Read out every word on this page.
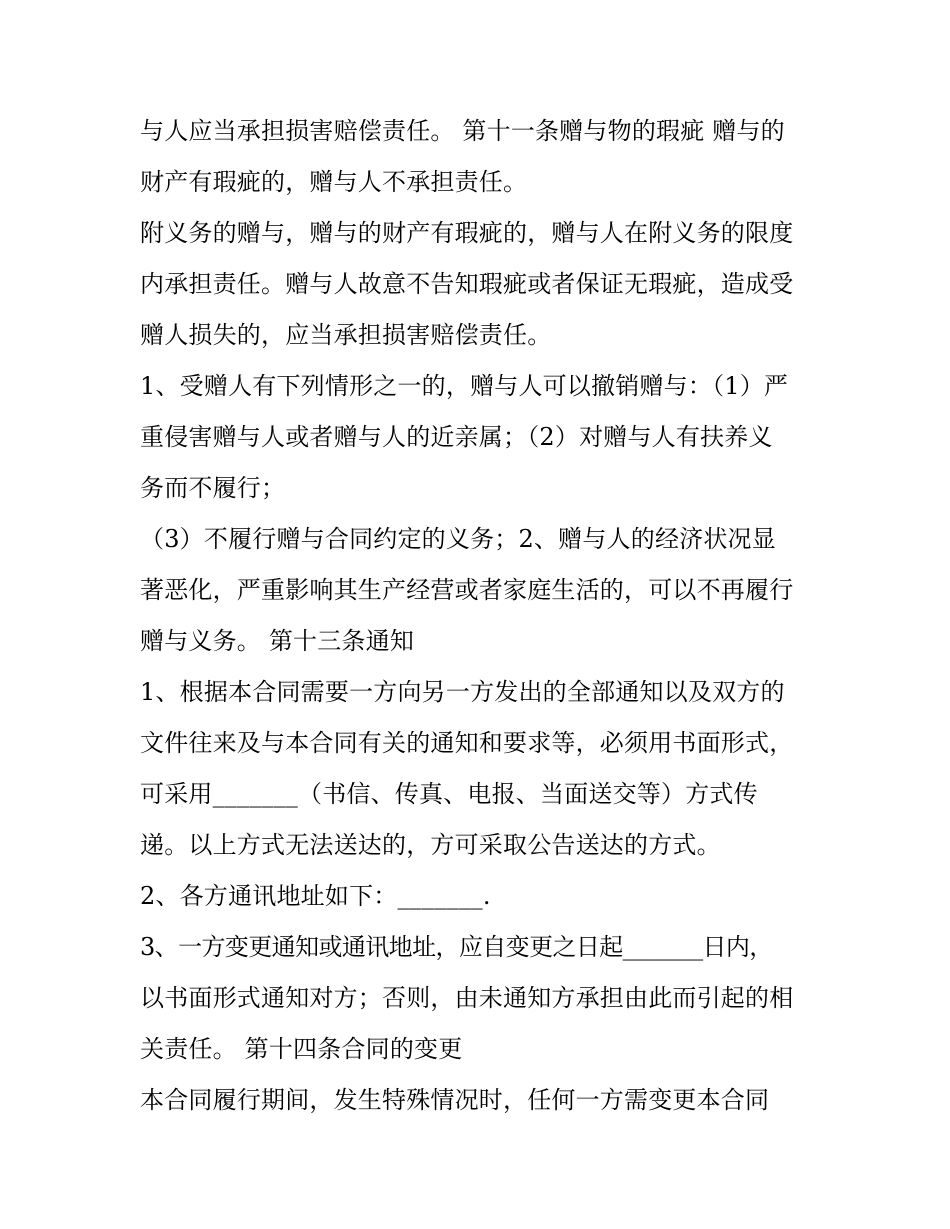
与人应当承担损害赔偿责任。 第十一条赠与物的瑕疵 赠与的
财产有瑕疵的，赠与人不承担责任。
附义务的赠与，赠与的财产有瑕疵的，赠与人在附义务的限度
内承担责任。赠与人故意不告知瑕疵或者保证无瑕疵，造成受
赠人损失的，应当承担损害赔偿责任。
1、受赠人有下列情形之一的，赠与人可以撤销赠与：（1）严
重侵害赠与人或者赠与人的近亲属；（2）对赠与人有扶养义
务而不履行；
（3）不履行赠与合同约定的义务；2、赠与人的经济状况显
著恶化，严重影响其生产经营或者家庭生活的，可以不再履行
赠与义务。 第十三条通知
1、根据本合同需要一方向另一方发出的全部通知以及双方的
文件往来及与本合同有关的通知和要求等，必须用书面形式，
可采用_______（书信、传真、电报、当面送交等）方式传
递。以上方式无法送达的，方可采取公告送达的方式。
2、各方通讯地址如下：_______.
3、一方变更通知或通讯地址，应自变更之日起_______日内，
以书面形式通知对方；否则，由未通知方承担由此而引起的相
关责任。 第十四条合同的变更
本合同履行期间，发生特殊情况时，任何一方需变更本合同
